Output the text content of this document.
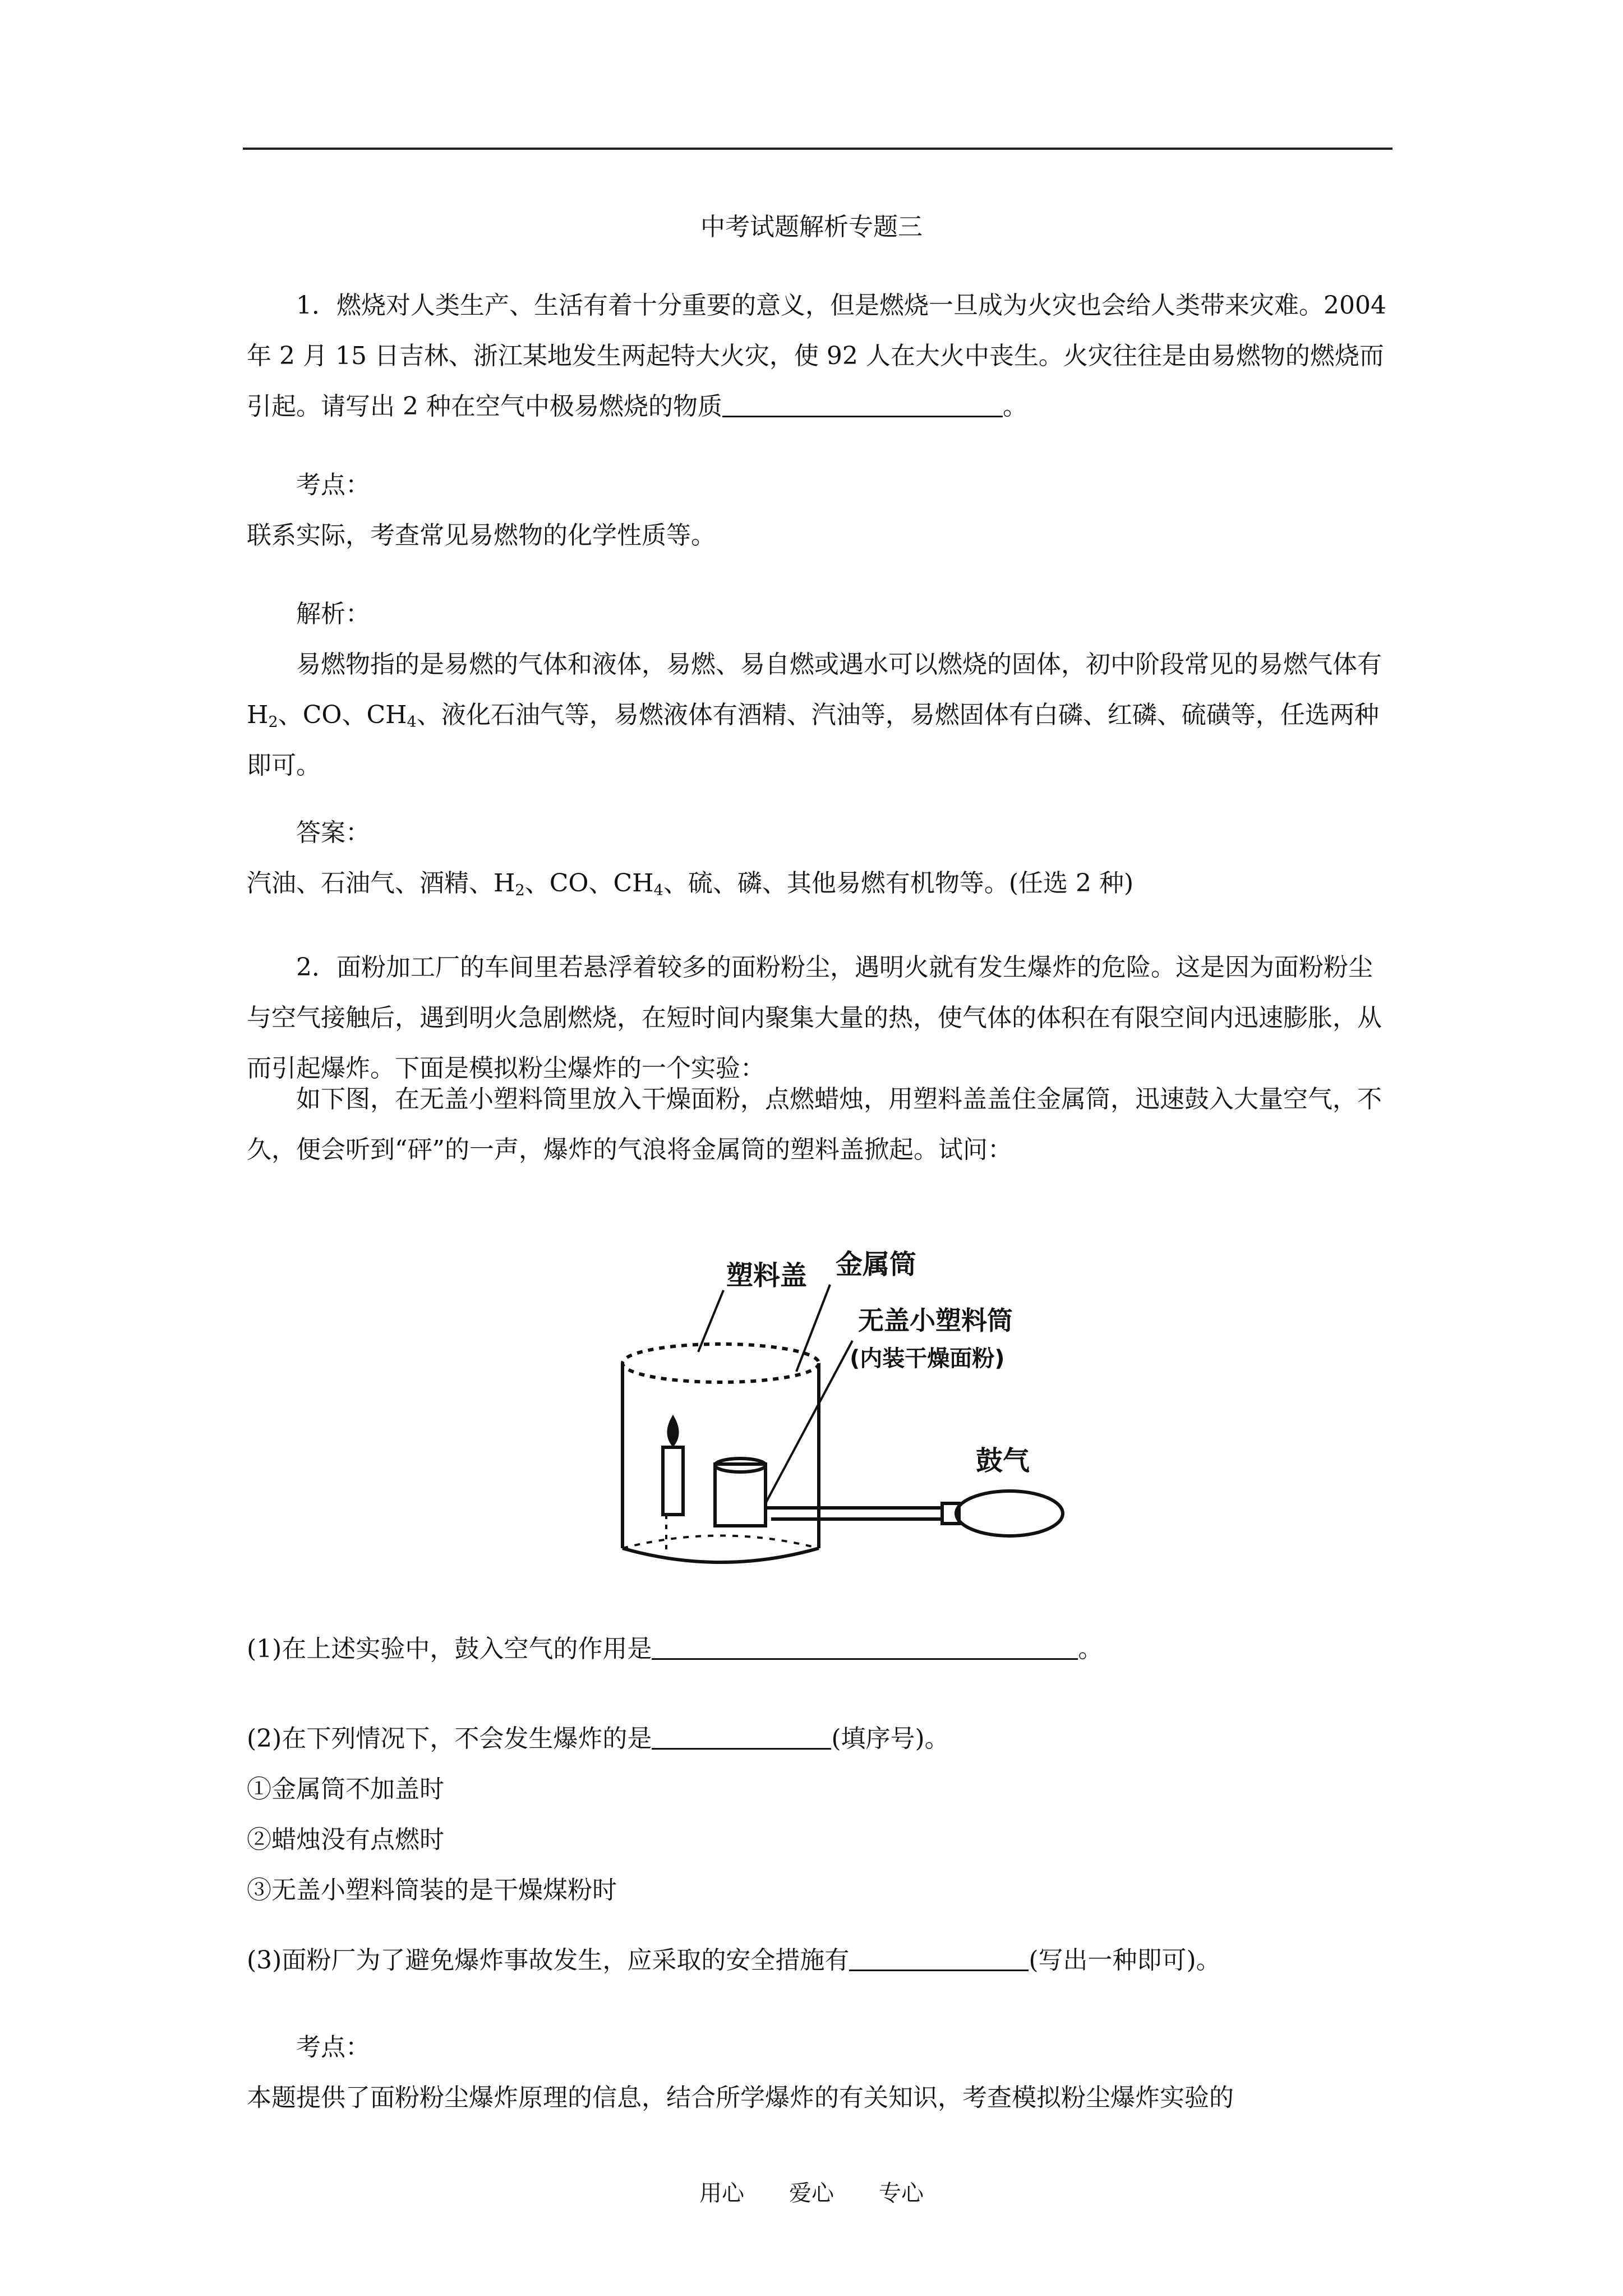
中考试题解析专题三

1．燃烧对人类生产、生活有着十分重要的意义，但是燃烧一旦成为火灾也会给人类带来灾难。2004 年 2 月 15 日吉林、浙江某地发生两起特大火灾，使 92 人在大火中丧生。火灾往往是由易燃物的燃烧而引起。请写出 2 种在空气中极易燃烧的物质	。

考点：

联系实际，考查常见易燃物的化学性质等。

解析：

易燃物指的是易燃的气体和液体，易燃、易自燃或遇水可以燃烧的固体，初中阶段常见的易燃气体有 $H_2$、CO、$CH_4$、液化石油气等，易燃液体有酒精、汽油等，易燃固体有白磷、红磷、硫磺等，任选两种即可。

答案：

汽油、石油气、酒精、$H_2$、CO、$CH_4$、硫、磷、其他易燃有机物等。(任选 2 种)

2．面粉加工厂的车间里若悬浮着较多的面粉粉尘，遇明火就有发生爆炸的危险。这是因为面粉粉尘与空气接触后，遇到明火急剧燃烧，在短时间内聚集大量的热，使气体的体积在有限空间内迅速膨胀，从而引起爆炸。下面是模拟粉尘爆炸的一个实验：

如下图，在无盖小塑料筒里放入干燥面粉，点燃蜡烛，用塑料盖盖住金属筒，迅速鼓入大量空气，不久，便会听到“砰”的一声，爆炸的气浪将金属筒的塑料盖掀起。试问：

塑料盖 金属筒
无盖小塑料筒
(内装干燥面粉)
鼓气

(1)在上述实验中，鼓入空气的作用是	。

(2)在下列情况下，不会发生爆炸的是	(填序号)。

①金属筒不加盖时

②蜡烛没有点燃时

③无盖小塑料筒装的是干燥煤粉时

(3)面粉厂为了避免爆炸事故发生，应采取的安全措施有	(写出一种即可)。

考点：

本题提供了面粉粉尘爆炸原理的信息，结合所学爆炸的有关知识，考查模拟粉尘爆炸实验的

用心 爱心 专心
